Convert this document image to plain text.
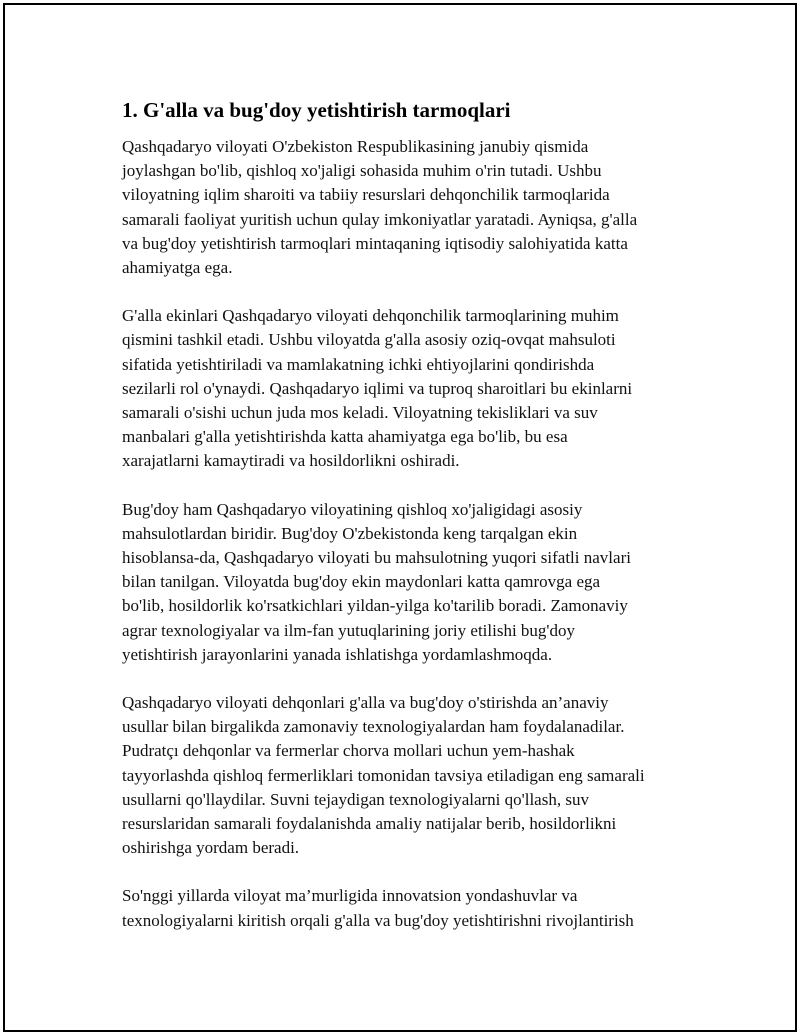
1. G'alla va bug'doy yetishtirish tarmoqlari

Qashqadaryo viloyati O'zbekiston Respublikasining janubiy qismida
joylashgan bo'lib, qishloq xo'jaligi sohasida muhim o'rin tutadi. Ushbu
viloyatning iqlim sharoiti va tabiiy resurslari dehqonchilik tarmoqlarida
samarali faoliyat yuritish uchun qulay imkoniyatlar yaratadi. Ayniqsa, g'alla
va bug'doy yetishtirish tarmoqlari mintaqaning iqtisodiy salohiyatida katta
ahamiyatga ega.

G'alla ekinlari Qashqadaryo viloyati dehqonchilik tarmoqlarining muhim
qismini tashkil etadi. Ushbu viloyatda g'alla asosiy oziq-ovqat mahsuloti
sifatida yetishtiriladi va mamlakatning ichki ehtiyojlarini qondirishda
sezilarli rol o'ynaydi. Qashqadaryo iqlimi va tuproq sharoitlari bu ekinlarni
samarali o'sishi uchun juda mos keladi. Viloyatning tekisliklari va suv
manbalari g'alla yetishtirishda katta ahamiyatga ega bo'lib, bu esa
xarajatlarni kamaytiradi va hosildorlikni oshiradi.

Bug'doy ham Qashqadaryo viloyatining qishloq xo'jaligidagi asosiy
mahsulotlardan biridir. Bug'doy O'zbekistonda keng tarqalgan ekin
hisoblansa-da, Qashqadaryo viloyati bu mahsulotning yuqori sifatli navlari
bilan tanilgan. Viloyatda bug'doy ekin maydonlari katta qamrovga ega
bo'lib, hosildorlik ko'rsatkichlari yildan-yilga ko'tarilib boradi. Zamonaviy
agrar texnologiyalar va ilm-fan yutuqlarining joriy etilishi bug'doy
yetishtirish jarayonlarini yanada ishlatishga yordamlashmoqda.

Qashqadaryo viloyati dehqonlari g'alla va bug'doy o'stirishda an’anaviy
usullar bilan birgalikda zamonaviy texnologiyalardan ham foydalanadilar.
Pudratçı dehqonlar va fermerlar chorva mollari uchun yem-hashak
tayyorlashda qishloq fermerliklari tomonidan tavsiya etiladigan eng samarali
usullarni qo'llaydilar. Suvni tejaydigan texnologiyalarni qo'llash, suv
resurslaridan samarali foydalanishda amaliy natijalar berib, hosildorlikni
oshirishga yordam beradi.

So'nggi yillarda viloyat ma’murligida innovatsion yondashuvlar va
texnologiyalarni kiritish orqali g'alla va bug'doy yetishtirishni rivojlantirish
